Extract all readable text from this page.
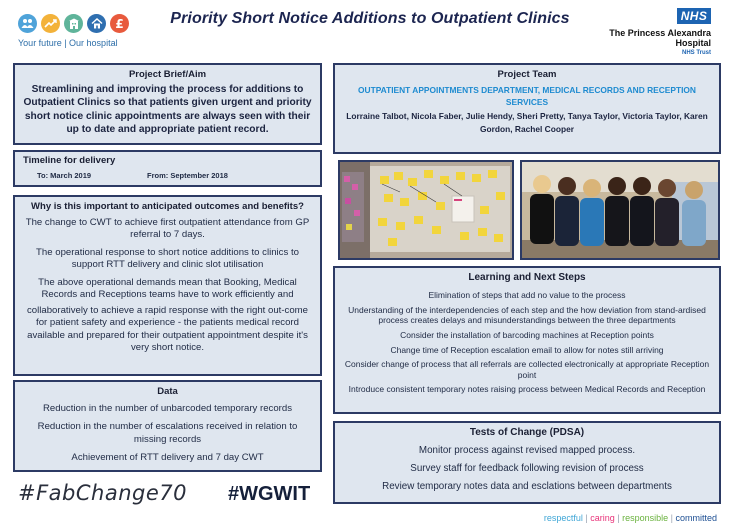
£
Your future | Our hospital
Priority Short Notice Additions to Outpatient Clinics	NHS
The Princess Alexandra
Hospital
NHS Trust
Project Brief/Aim
Streamlining and improving the process for additions to Outpatient Clinics so that patients given urgent and priority short notice clinic appointments are always seen with their up to date and appropriate patient record.
Timeline for delivery
To: March 2019	From: September 2018
Why is this important to anticipated outcomes and benefits?
The change to CWT to achieve first outpatient attendance from GP referral to 7 days.
The operational response to short notice additions to clinics to support RTT delivery and clinic slot utilisation
The above operational demands mean that Booking, Medical Records and Receptions teams have to work efficiently and
collaboratively to achieve a rapid response with the right out-come for patient safety and experience - the patients medical record available and prepared for their outpatient appointment despite it's very short notice.
Data
Reduction in the number of unbarcoded temporary records
Reduction in the number of escalations received in relation to missing records
Achievement of RTT delivery and 7 day CWT
Project Team
OUTPATIENT APPOINTMENTS DEPARTMENT, MEDICAL RECORDS AND RECEPTION SERVICES
Lorraine Talbot, Nicola Faber, Julie Hendy, Sheri Pretty, Tanya Taylor, Victoria Taylor, Karen Gordon, Rachel Cooper
Learning and Next Steps
Elimination of steps that add no value to the process
Understanding of the interdependencies of each step and the how deviation from stand-ardised process creates delays and misunderstandings between the three departments
Consider the installation of barcoding machines at Reception points
Change time of Reception escalation email to allow for notes still arriving
Consider change of process that all referrals are collected electronically at appropriate Reception point
Introduce consistent temporary notes raising process between Medical Records and Reception
Tests of Change (PDSA)
Monitor process against revised mapped process.
Survey staff for feedback following revision of process
Review temporary notes data and esclations between departments
#FabChange70 #WGWIT
respectful | caring | responsible | committed
